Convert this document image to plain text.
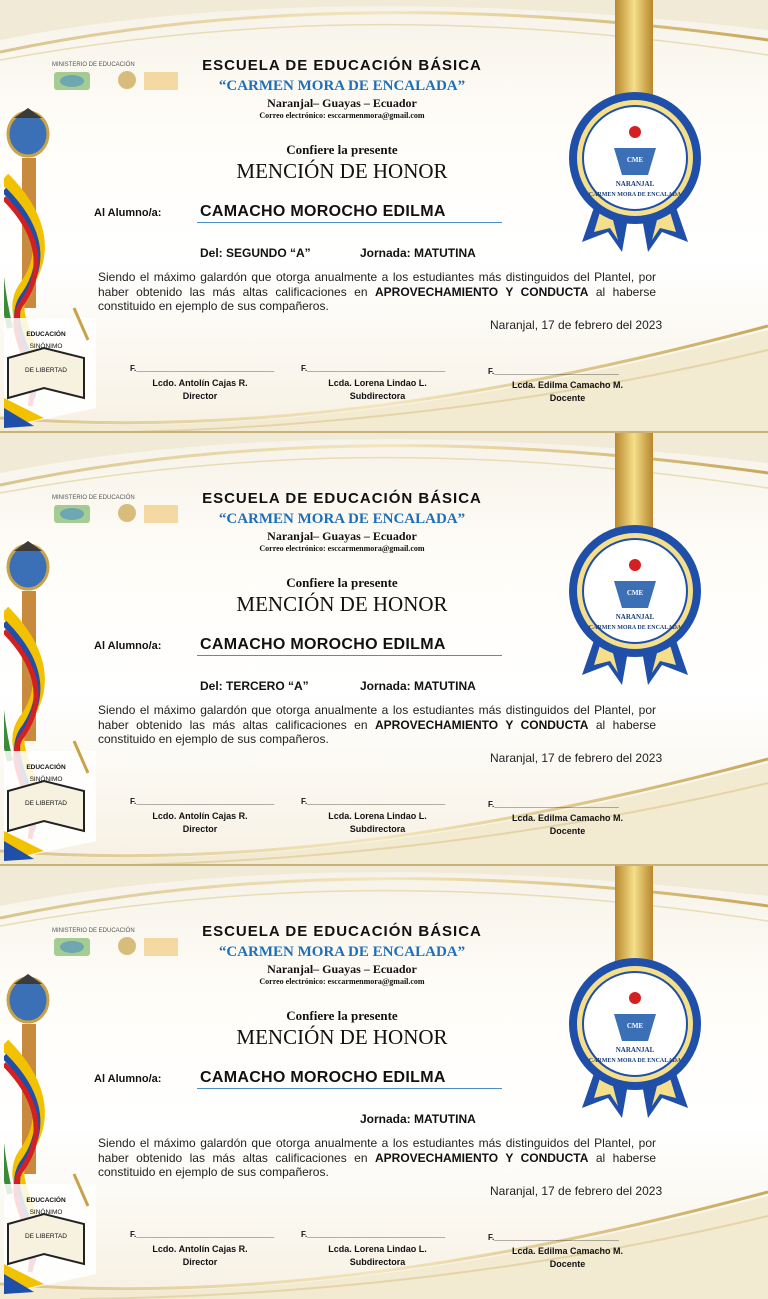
MINISTERIO DE EDUCACIÓN
EDUCACIÓN
SINÓNIMO
DE LIBERTAD
CME
NARANJAL
CARMEN MORA DE ENCALADA
ESCUELA DE EDUCACIÓN BÁSICA
“CARMEN MORA DE ENCALADA”
Naranjal– Guayas – Ecuador
Correo electrónico: esccarmenmora@gmail.com
Confiere la presente
MENCIÓN DE HONOR
Al Alumno/a: CAMACHO MOROCHO EDILMA
Del: SEGUNDO “A”	Jornada: MATUTINA
Siendo el máximo galardón que otorga anualmente a los estudiantes más distinguidos del Plantel, por haber obtenido las más altas calificaciones en APROVECHAMIENTO Y CONDUCTA al haberse constituido en ejemplo de sus compañeros.
Naranjal, 17 de febrero del 2023
F._______________________________
Lcdo. Antolín Cajas R.
Director
F._______________________________
Lcda. Lorena Lindao L.
Subdirectora
F.____________________________
Lcda. Edilma Camacho M.
Docente
MINISTERIO DE EDUCACIÓN
EDUCACIÓN
SINÓNIMO
DE LIBERTAD
CME
NARANJAL
CARMEN MORA DE ENCALADA
ESCUELA DE EDUCACIÓN BÁSICA
“CARMEN MORA DE ENCALADA”
Naranjal– Guayas – Ecuador
Correo electrónico: esccarmenmora@gmail.com
Confiere la presente
MENCIÓN DE HONOR
Al Alumno/a: CAMACHO MOROCHO EDILMA
Del: TERCERO “A”	Jornada: MATUTINA
Siendo el máximo galardón que otorga anualmente a los estudiantes más distinguidos del Plantel, por haber obtenido las más altas calificaciones en APROVECHAMIENTO Y CONDUCTA al haberse constituido en ejemplo de sus compañeros.
Naranjal, 17 de febrero del 2023
F._______________________________
Lcdo. Antolín Cajas R.
Director
F._______________________________
Lcda. Lorena Lindao L.
Subdirectora
F.____________________________
Lcda. Edilma Camacho M.
Docente
MINISTERIO DE EDUCACIÓN
EDUCACIÓN
SINÓNIMO
DE LIBERTAD
CME
NARANJAL
CARMEN MORA DE ENCALADA
ESCUELA DE EDUCACIÓN BÁSICA
“CARMEN MORA DE ENCALADA”
Naranjal– Guayas – Ecuador
Correo electrónico: esccarmenmora@gmail.com
Confiere la presente
MENCIÓN DE HONOR
Al Alumno/a: CAMACHO MOROCHO EDILMA
Jornada: MATUTINA
Siendo el máximo galardón que otorga anualmente a los estudiantes más distinguidos del Plantel, por haber obtenido las más altas calificaciones en APROVECHAMIENTO Y CONDUCTA al haberse constituido en ejemplo de sus compañeros.
Naranjal, 17 de febrero del 2023
F._______________________________
Lcdo. Antolín Cajas R.
Director
F._______________________________
Lcda. Lorena Lindao L.
Subdirectora
F.____________________________
Lcda. Edilma Camacho M.
Docente
